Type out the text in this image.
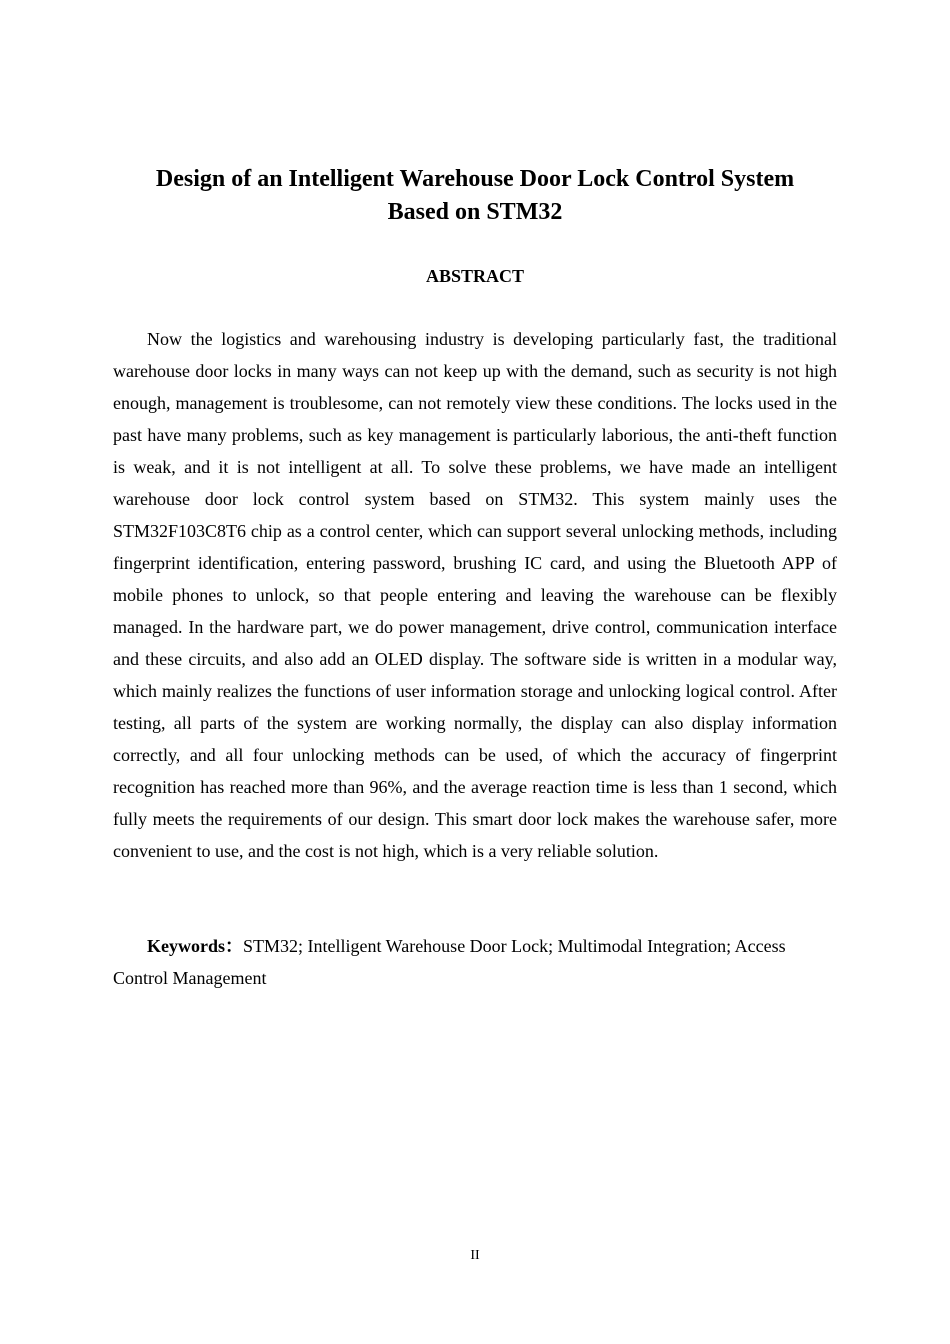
Design of an Intelligent Warehouse Door Lock Control System
Based on STM32
ABSTRACT

Now the logistics and warehousing industry is developing particularly fast, the traditional warehouse door locks in many ways can not keep up with the demand, such as security is not high enough, management is troublesome, can not remotely view these conditions. The locks used in the past have many problems, such as key management is particularly laborious, the anti-theft function is weak, and it is not intelligent at all. To solve these problems, we have made an intelligent warehouse door lock control system based on STM32. This system mainly uses the STM32F103C8T6 chip as a control center, which can support several unlocking methods, including fingerprint identification, entering password, brushing IC card, and using the Bluetooth APP of mobile phones to unlock, so that people entering and leaving the warehouse can be flexibly managed. In the hardware part, we do power management, drive control, communication interface and these circuits, and also add an OLED display. The software side is written in a modular way, which mainly realizes the functions of user information storage and unlocking logical control. After testing, all parts of the system are working normally, the display can also display information correctly, and all four unlocking methods can be used, of which the accuracy of fingerprint recognition has reached more than 96%, and the average reaction time is less than 1 second, which fully meets the requirements of our design. This smart door lock makes the warehouse safer, more convenient to use, and the cost is not high, which is a very reliable solution.

Keywords：STM32; Intelligent Warehouse Door Lock; Multimodal Integration; Access Control Management

II
